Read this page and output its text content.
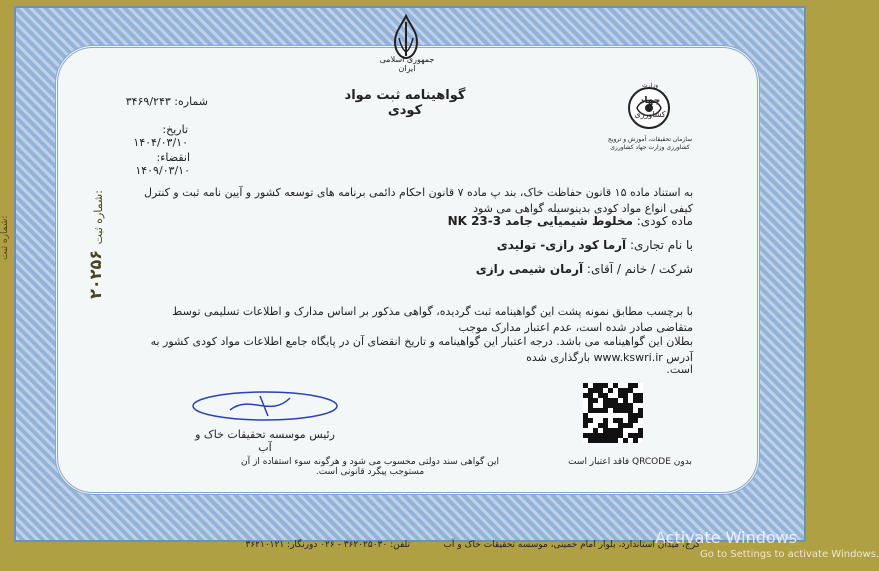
شماره ثبت:
جمهوری اسلامی ایران
گواهینامه ثبت مواد کودی
جهاد
کشاورزی
وزارت
سازمان تحقیقات، آموزش و ترویج
کشاورزی وزارت جهاد کشاورزی
شماره: ۳۴۶۹/۲۴۳
تاریخ: ۱۴۰۴/۰۳/۱۰
انقضاء: ۱۴۰۹/۰۳/۱۰
شماره ثبت:
۲۰۲۵۶
به استناد ماده ۱۵ قانون حفاظت خاک، بند پ ماده ۷ قانون احکام دائمی برنامه های توسعه کشور و آیین نامه ثبت و کنترل کیفی انواع مواد کودی بدینوسیله گواهی می شود
ماده کودی: مخلوط شیمیایی جامد NK 23-3
با نام تجاری: آرما کود رازی- تولیدی
شرکت / خانم / آقای: آرمان شیمی رازی
با برچسب مطابق نمونه پشت این گواهینامه ثبت گردیده، گواهی مذکور بر اساس مدارک و اطلاعات تسلیمی توسط متقاضی صادر شده است، عدم اعتبار مدارک موجب
بطلان این گواهینامه می باشد. درجه اعتبار این گواهینامه و تاریخ انقضای آن در پایگاه جامع اطلاعات مواد کودی کشور به آدرس www.kswri.ir بارگذاری شده
است.
رئیس موسسه تحقیقات خاک و آب
بدون QRCODE فاقد اعتبار است
این گواهی سند دولتی محسوب می شود و هرگونه سوء استفاده از آن مستوجب پیگرد قانونی است.
کرج، میدان استاندارد، بلوار امام خمینی، موسسه تحقیقات خاک و آب
تلفن: ۳۶۲۰۲۵۰۳۰ - ۰۲۶ دورنگار: ۳۶۲۱۰۱۲۱	Activate Windows
Go to Settings to activate Windows.
